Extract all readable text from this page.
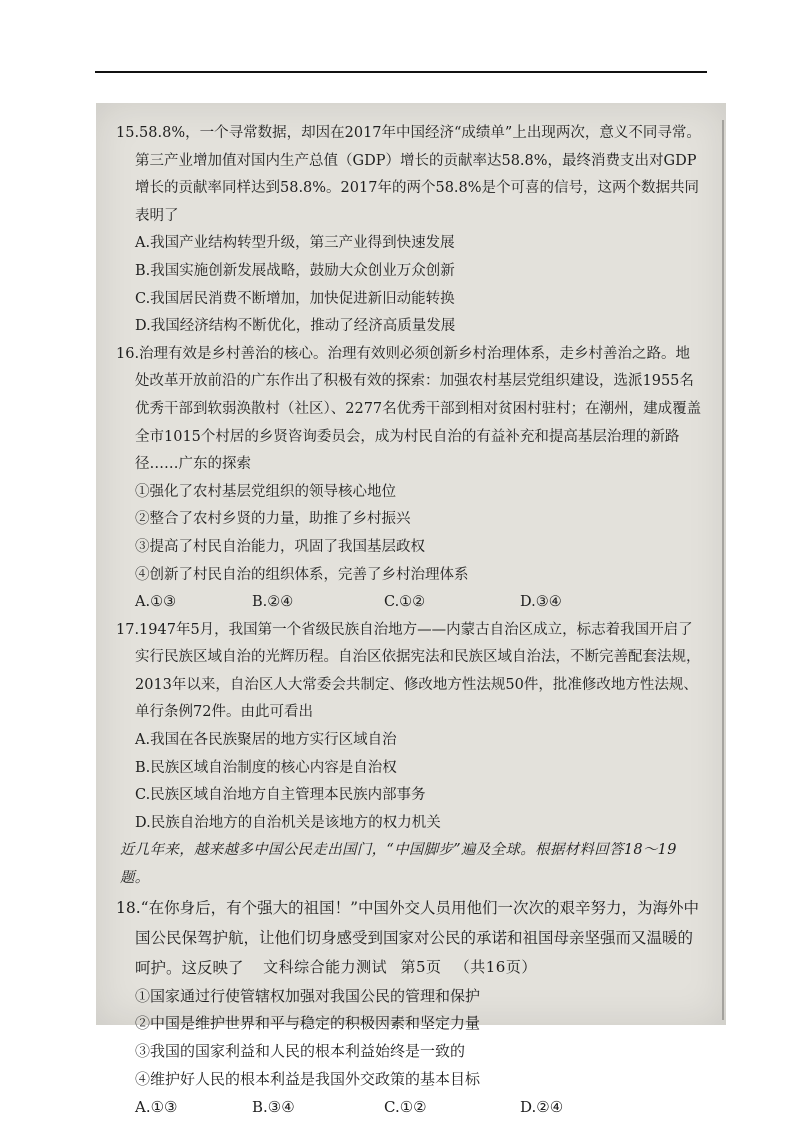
15.58.8%，一个寻常数据，却因在2017年中国经济“成绩单”上出现两次，意义不同寻常。第三产业增加值对国内生产总值（GDP）增长的贡献率达58.8%，最终消费支出对GDP增长的贡献率同样达到58.8%。2017年的两个58.8%是个可喜的信号，这两个数据共同表明了
A.我国产业结构转型升级，第三产业得到快速发展
B.我国实施创新发展战略，鼓励大众创业万众创新
C.我国居民消费不断增加，加快促进新旧动能转换
D.我国经济结构不断优化，推动了经济高质量发展
16.治理有效是乡村善治的核心。治理有效则必须创新乡村治理体系，走乡村善治之路。地处改革开放前沿的广东作出了积极有效的探索：加强农村基层党组织建设，选派1955名优秀干部到软弱涣散村（社区）、2277名优秀干部到相对贫困村驻村；在潮州，建成覆盖全市1015个村居的乡贤咨询委员会，成为村民自治的有益补充和提高基层治理的新路径……广东的探索
①强化了农村基层党组织的领导核心地位
②整合了农村乡贤的力量，助推了乡村振兴
③提高了村民自治能力，巩固了我国基层政权
④创新了村民自治的组织体系，完善了乡村治理体系
A.①③	B.②④	C.①②	D.③④
17.1947年5月，我国第一个省级民族自治地方——内蒙古自治区成立，标志着我国开启了实行民族区域自治的光辉历程。自治区依据宪法和民族区域自治法，不断完善配套法规，2013年以来，自治区人大常委会共制定、修改地方性法规50件，批准修改地方性法规、单行条例72件。由此可看出
A.我国在各民族聚居的地方实行区域自治
B.民族区域自治制度的核心内容是自治权
C.民族区域自治地方自主管理本民族内部事务
D.民族自治地方的自治机关是该地方的权力机关
近几年来，越来越多中国公民走出国门，“中国脚步”遍及全球。根据材料回答18～19题。
18.“在你身后，有个强大的祖国！”中国外交人员用他们一次次的艰辛努力，为海外中国公民保驾护航，让他们切身感受到国家对公民的承诺和祖国母亲坚强而又温暖的呵护。这反映了
①国家通过行使管辖权加强对我国公民的管理和保护
②中国是维护世界和平与稳定的积极因素和坚定力量
③我国的国家利益和人民的根本利益始终是一致的
④维护好人民的根本利益是我国外交政策的基本目标
A.①③	B.③④	C.①②	D.②④
文科综合能力测试 第5页 （共16页）
